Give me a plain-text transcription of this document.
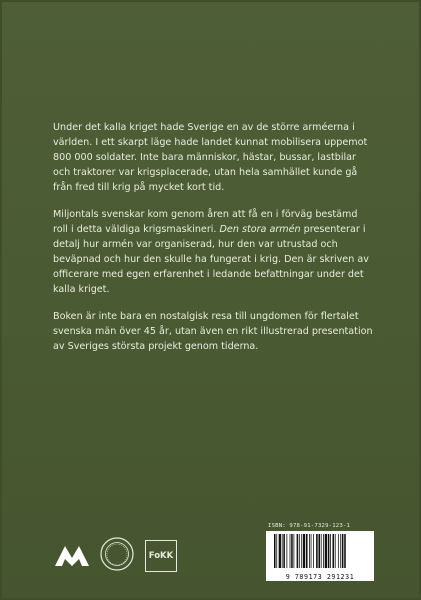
Under det kalla kriget hade Sverige en av de större arméerna i världen. I ett skarpt läge hade landet kunnat mobilisera uppemot 800 000 soldater. Inte bara människor, hästar, bussar, lastbilar och traktorer var krigsplacerade, utan hela samhället kunde gå från fred till krig på mycket kort tid.

Miljontals svenskar kom genom åren att få en i förväg bestämd roll i detta väldiga krigsmaskineri. Den stora armén presenterar i detalj hur armén var organiserad, hur den var utrustad och beväpnad och hur den skulle ha fungerat i krig. Den är skriven av officerare med egen erfarenhet i ledande befattningar under det kalla kriget.

Boken är inte bara en nostalgisk resa till ungdomen för flertalet svenska män över 45 år, utan även en rikt illustrerad presentation av Sveriges största projekt genom tiderna.

FoKK
ISBN: 978-91-7329-123-1
9 789173 291231
